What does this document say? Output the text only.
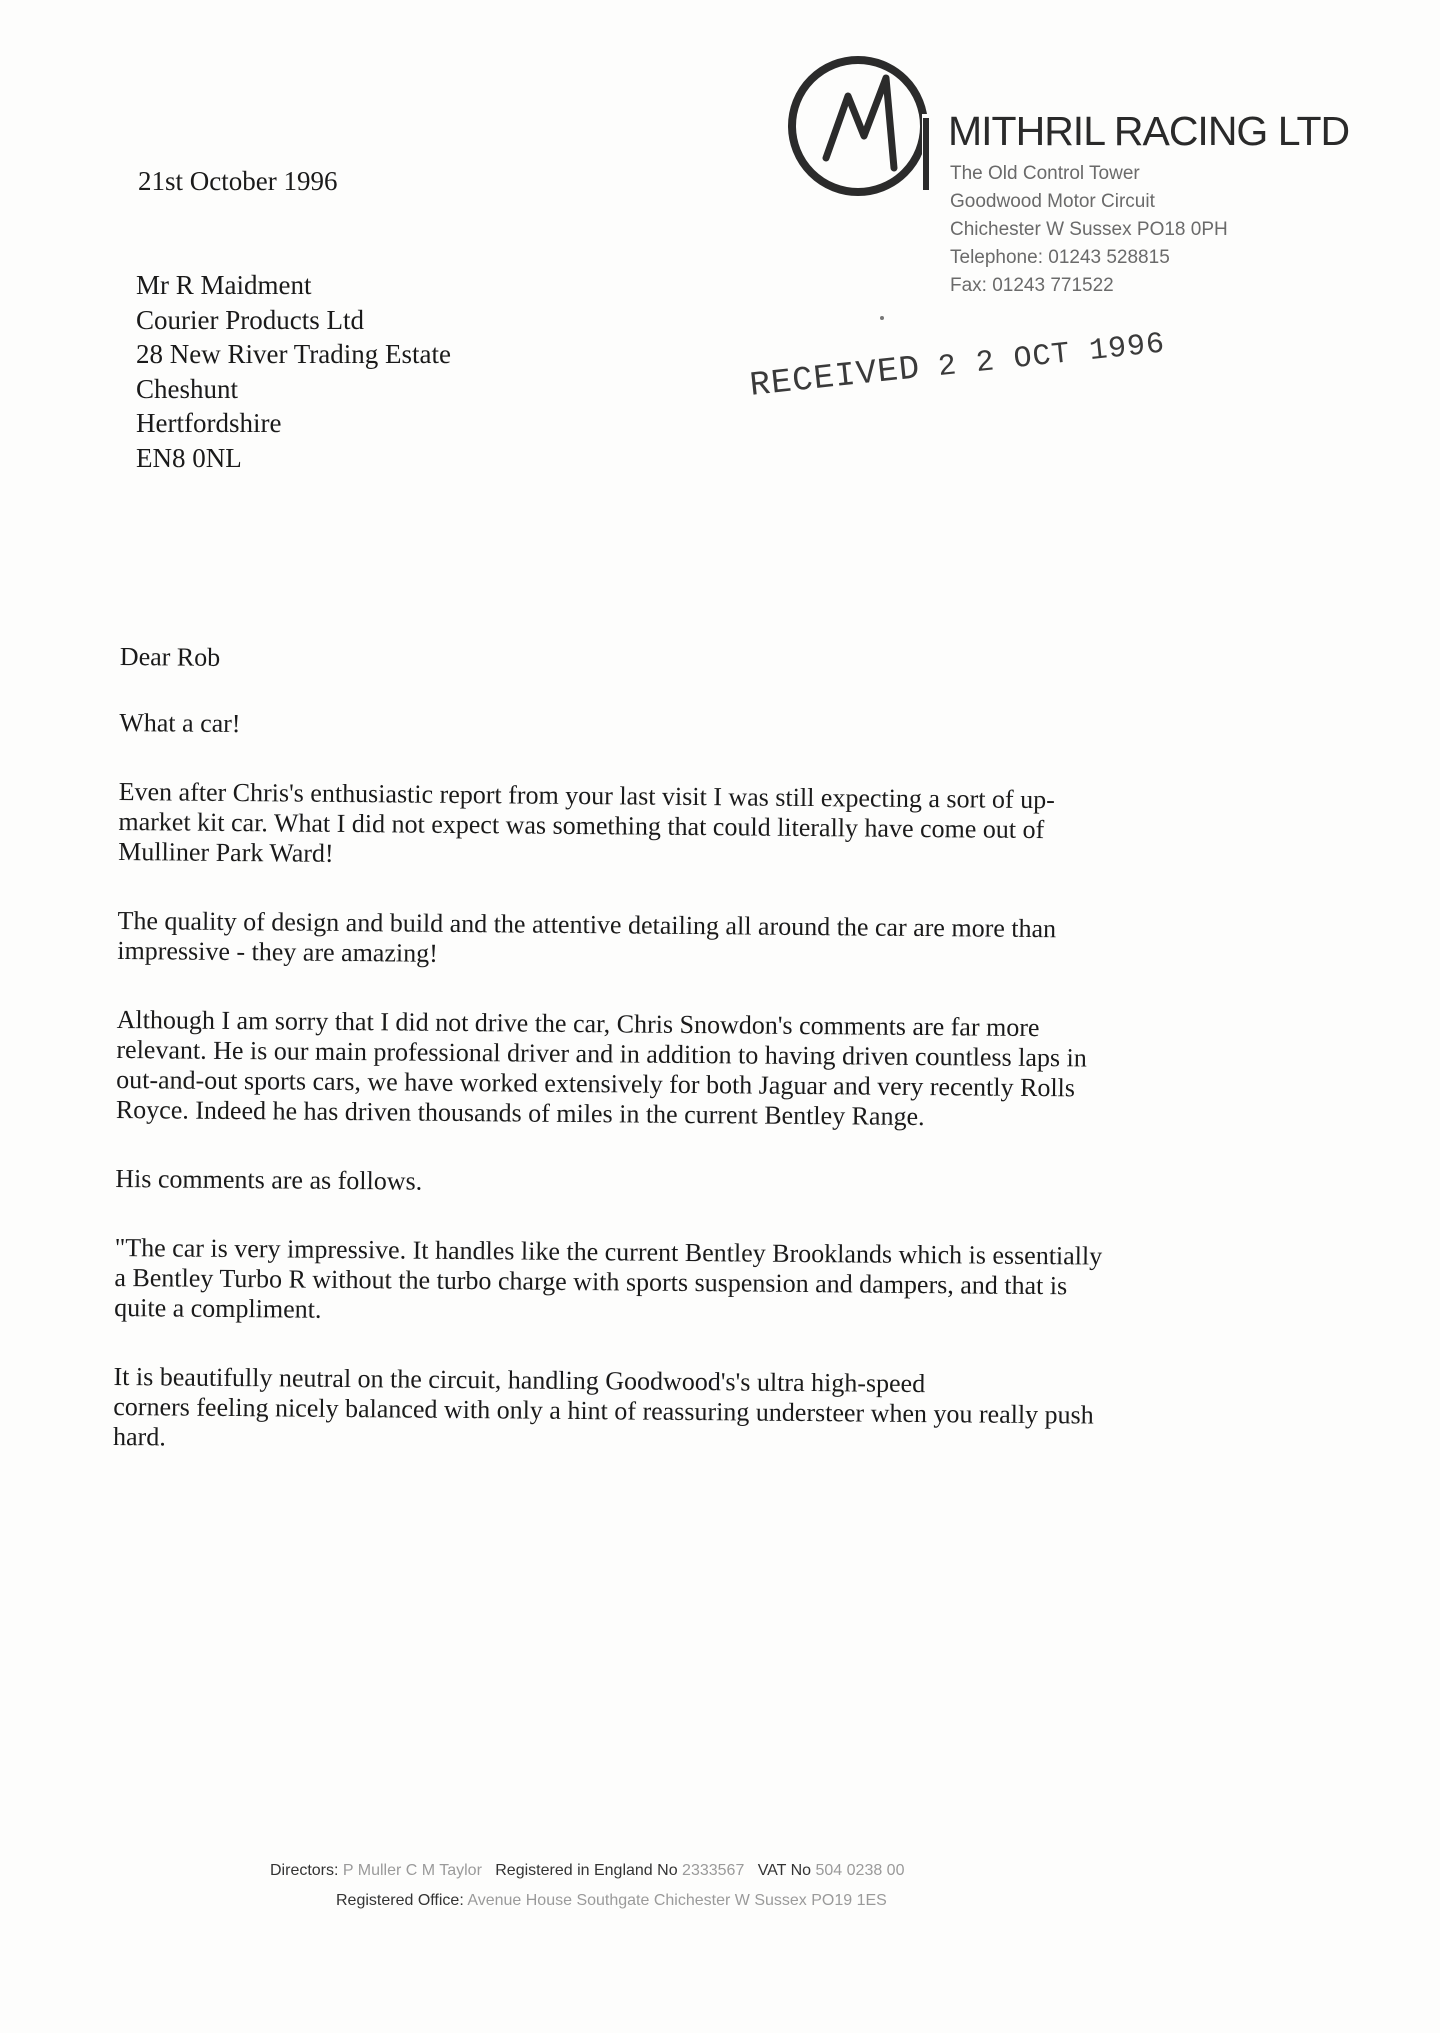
MITHRIL RACING LTD
The Old Control Tower
Goodwood Motor Circuit
Chichester W Sussex PO18 0PH
Telephone: 01243 528815
Fax: 01243 771522
21st October 1996
Mr R Maidment
Courier Products Ltd
28 New River Trading Estate
Cheshunt
Hertfordshire
EN8 0NL
RECEIVED 2 2 OCT 1996

Dear Rob

What a car!

Even after Chris's enthusiastic report from your last visit I was still expecting a sort of up-
market kit car. What I did not expect was something that could literally have come out of
Mulliner Park Ward!

The quality of design and build and the attentive detailing all around the car are more than
impressive - they are amazing!

Although I am sorry that I did not drive the car, Chris Snowdon's comments are far more
relevant. He is our main professional driver and in addition to having driven countless laps in
out-and-out sports cars, we have worked extensively for both Jaguar and very recently Rolls
Royce. Indeed he has driven thousands of miles in the current Bentley Range.

His comments are as follows.

"The car is very impressive. It handles like the current Bentley Brooklands which is essentially
a Bentley Turbo R without the turbo charge with sports suspension and dampers, and that is
quite a compliment.

It is beautifully neutral on the circuit, handling Goodwood's's ultra high-speed
corners feeling nicely balanced with only a hint of reassuring understeer when you really push
hard.

Directors: P Muller C M Taylor Registered in England No 2333567 VAT No 504 0238 00
Registered Office: Avenue House Southgate Chichester W Sussex PO19 1ES
